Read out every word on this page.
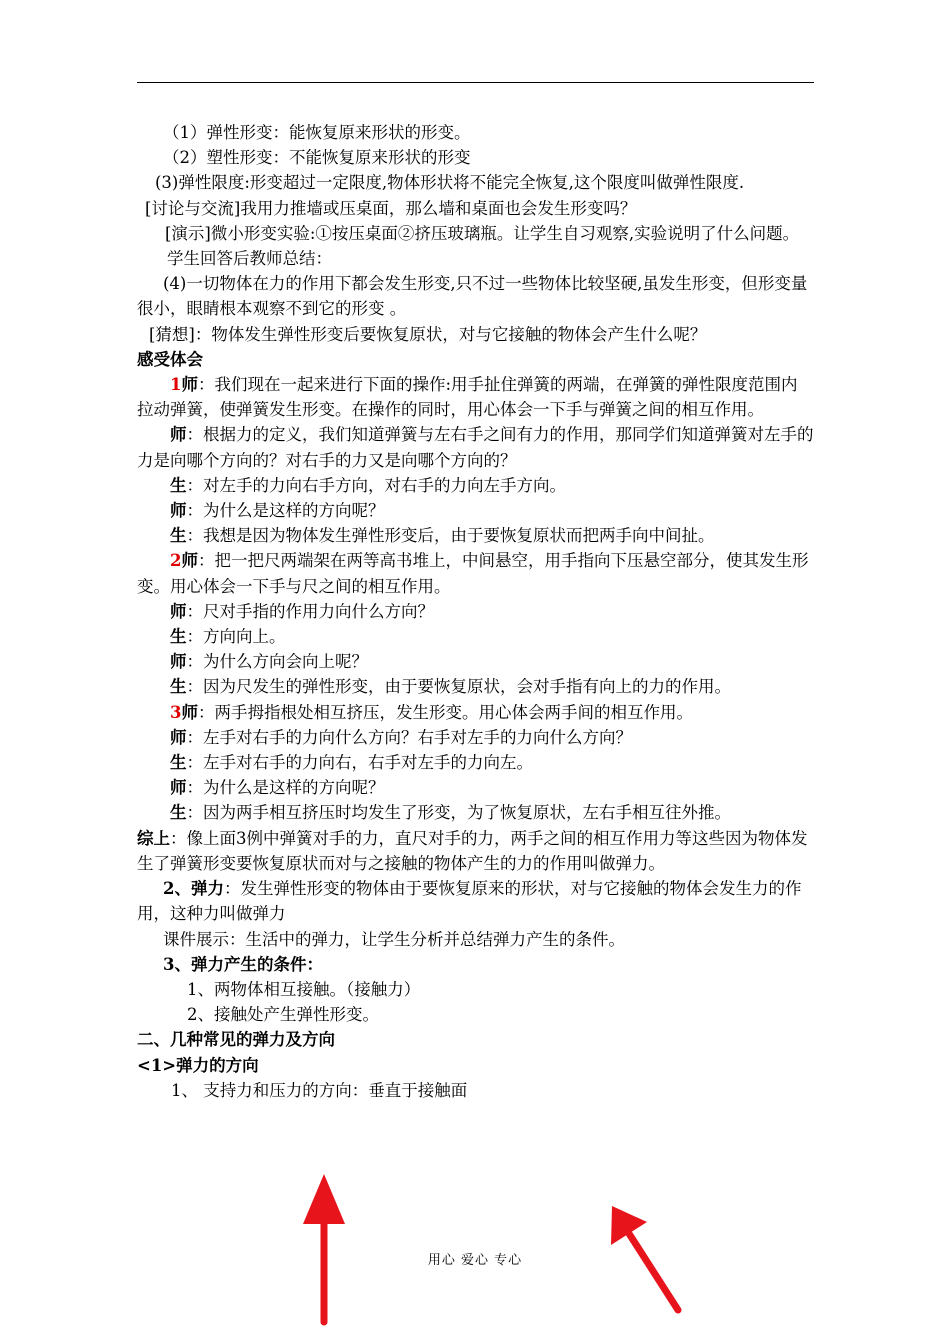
（1）弹性形变：能恢复原来形状的形变。
（2）塑性形变：不能恢复原来形状的形变
(3)弹性限度:形变超过一定限度,物体形状将不能完全恢复,这个限度叫做弹性限度.
[讨论与交流]我用力推墙或压桌面，那么墙和桌面也会发生形变吗？
[演示]微小形变实验:①按压桌面②挤压玻璃瓶。让学生自习观察,实验说明了什么问题。
学生回答后教师总结：
(4)一切物体在力的作用下都会发生形变,只不过一些物体比较坚硬,虽发生形变，但形变量很小，眼睛根本观察不到它的形变 。
[猜想]：物体发生弹性形变后要恢复原状，对与它接触的物体会产生什么呢？
感受体会
1师：我们现在一起来进行下面的操作:用手扯住弹簧的两端，在弹簧的弹性限度范围内拉动弹簧，使弹簧发生形变。在操作的同时，用心体会一下手与弹簧之间的相互作用。
师：根据力的定义，我们知道弹簧与左右手之间有力的作用，那同学们知道弹簧对左手的力是向哪个方向的？对右手的力又是向哪个方向的？
生：对左手的力向右手方向，对右手的力向左手方向。
师：为什么是这样的方向呢？
生：我想是因为物体发生弹性形变后，由于要恢复原状而把两手向中间扯。
2师：把一把尺两端架在两等高书堆上，中间悬空，用手指向下压悬空部分，使其发生形变。用心体会一下手与尺之间的相互作用。
师：尺对手指的作用力向什么方向？
生：方向向上。
师：为什么方向会向上呢？
生：因为尺发生的弹性形变，由于要恢复原状，会对手指有向上的力的作用。
3师：两手拇指根处相互挤压，发生形变。用心体会两手间的相互作用。
师：左手对右手的力向什么方向？右手对左手的力向什么方向？
生：左手对右手的力向右，右手对左手的力向左。
师：为什么是这样的方向呢？
生：因为两手相互挤压时均发生了形变，为了恢复原状，左右手相互往外推。
综上：像上面3例中弹簧对手的力，直尺对手的力，两手之间的相互作用力等这些因为物体发生了弹簧形变要恢复原状而对与之接触的物体产生的力的作用叫做弹力。
2、弹力：发生弹性形变的物体由于要恢复原来的形状，对与它接触的物体会发生力的作用，这种力叫做弹力
课件展示：生活中的弹力，让学生分析并总结弹力产生的条件。
3、弹力产生的条件：
1、两物体相互接触。（接触力）
2、接触处产生弹性形变。
二、几种常见的弹力及方向
<1>弹力的方向
1、 支持力和压力的方向：垂直于接触面
用心 爱心 专心
